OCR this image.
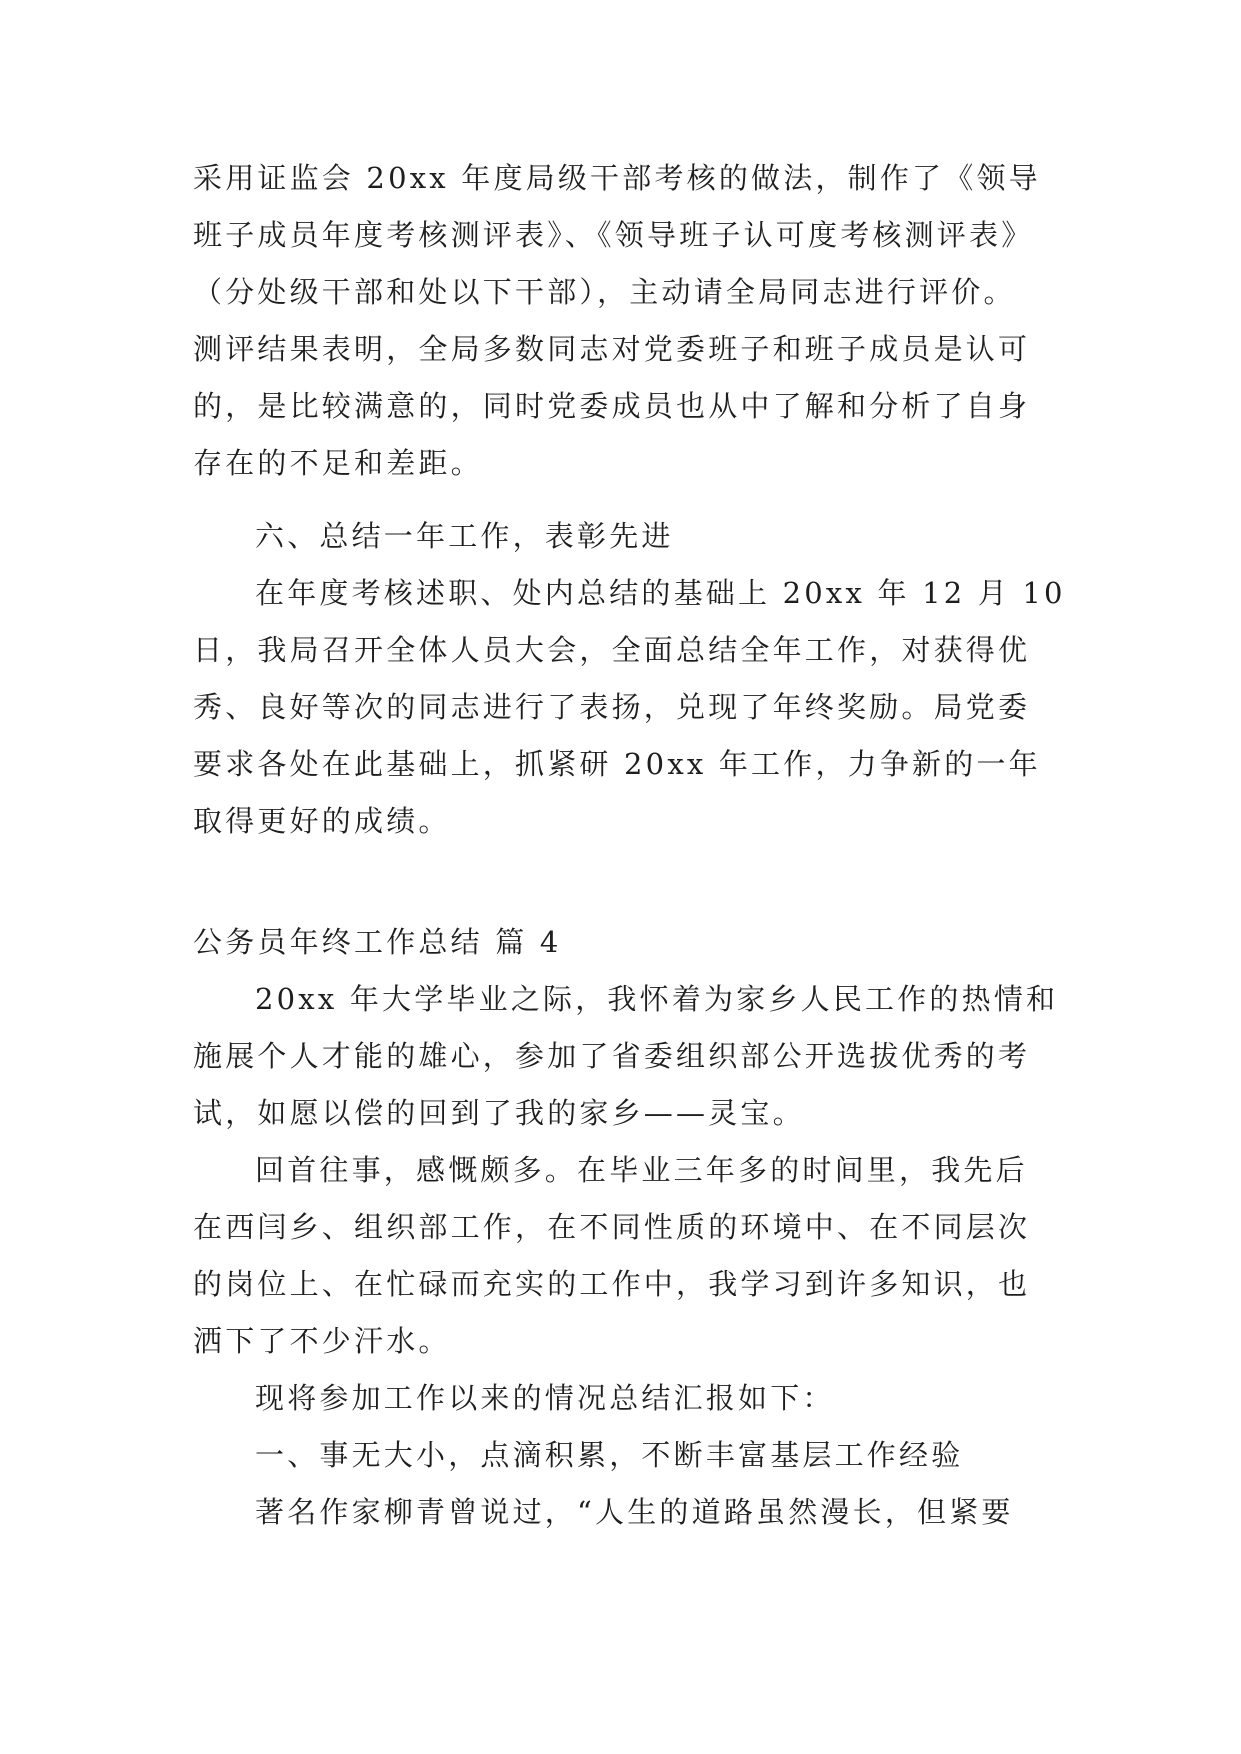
采用证监会 20xx 年度局级干部考核的做法，制作了《领导
班子成员年度考核测评表》、《领导班子认可度考核测评表》
（分处级干部和处以下干部），主动请全局同志进行评价。
测评结果表明，全局多数同志对党委班子和班子成员是认可
的，是比较满意的，同时党委成员也从中了解和分析了自身
存在的不足和差距。
六、总结一年工作，表彰先进
在年度考核述职、处内总结的基础上 20xx 年 12 月 10
日，我局召开全体人员大会，全面总结全年工作，对获得优
秀、良好等次的同志进行了表扬，兑现了年终奖励。局党委
要求各处在此基础上，抓紧研 20xx 年工作，力争新的一年
取得更好的成绩。
公务员年终工作总结 篇 4
20xx 年大学毕业之际，我怀着为家乡人民工作的热情和
施展个人才能的雄心，参加了省委组织部公开选拔优秀的考
试，如愿以偿的回到了我的家乡——灵宝。
回首往事，感慨颇多。在毕业三年多的时间里，我先后
在西闫乡、组织部工作，在不同性质的环境中、在不同层次
的岗位上、在忙碌而充实的工作中，我学习到许多知识，也
洒下了不少汗水。
现将参加工作以来的情况总结汇报如下：
一、事无大小，点滴积累，不断丰富基层工作经验
著名作家柳青曾说过，“人生的道路虽然漫长，但紧要
